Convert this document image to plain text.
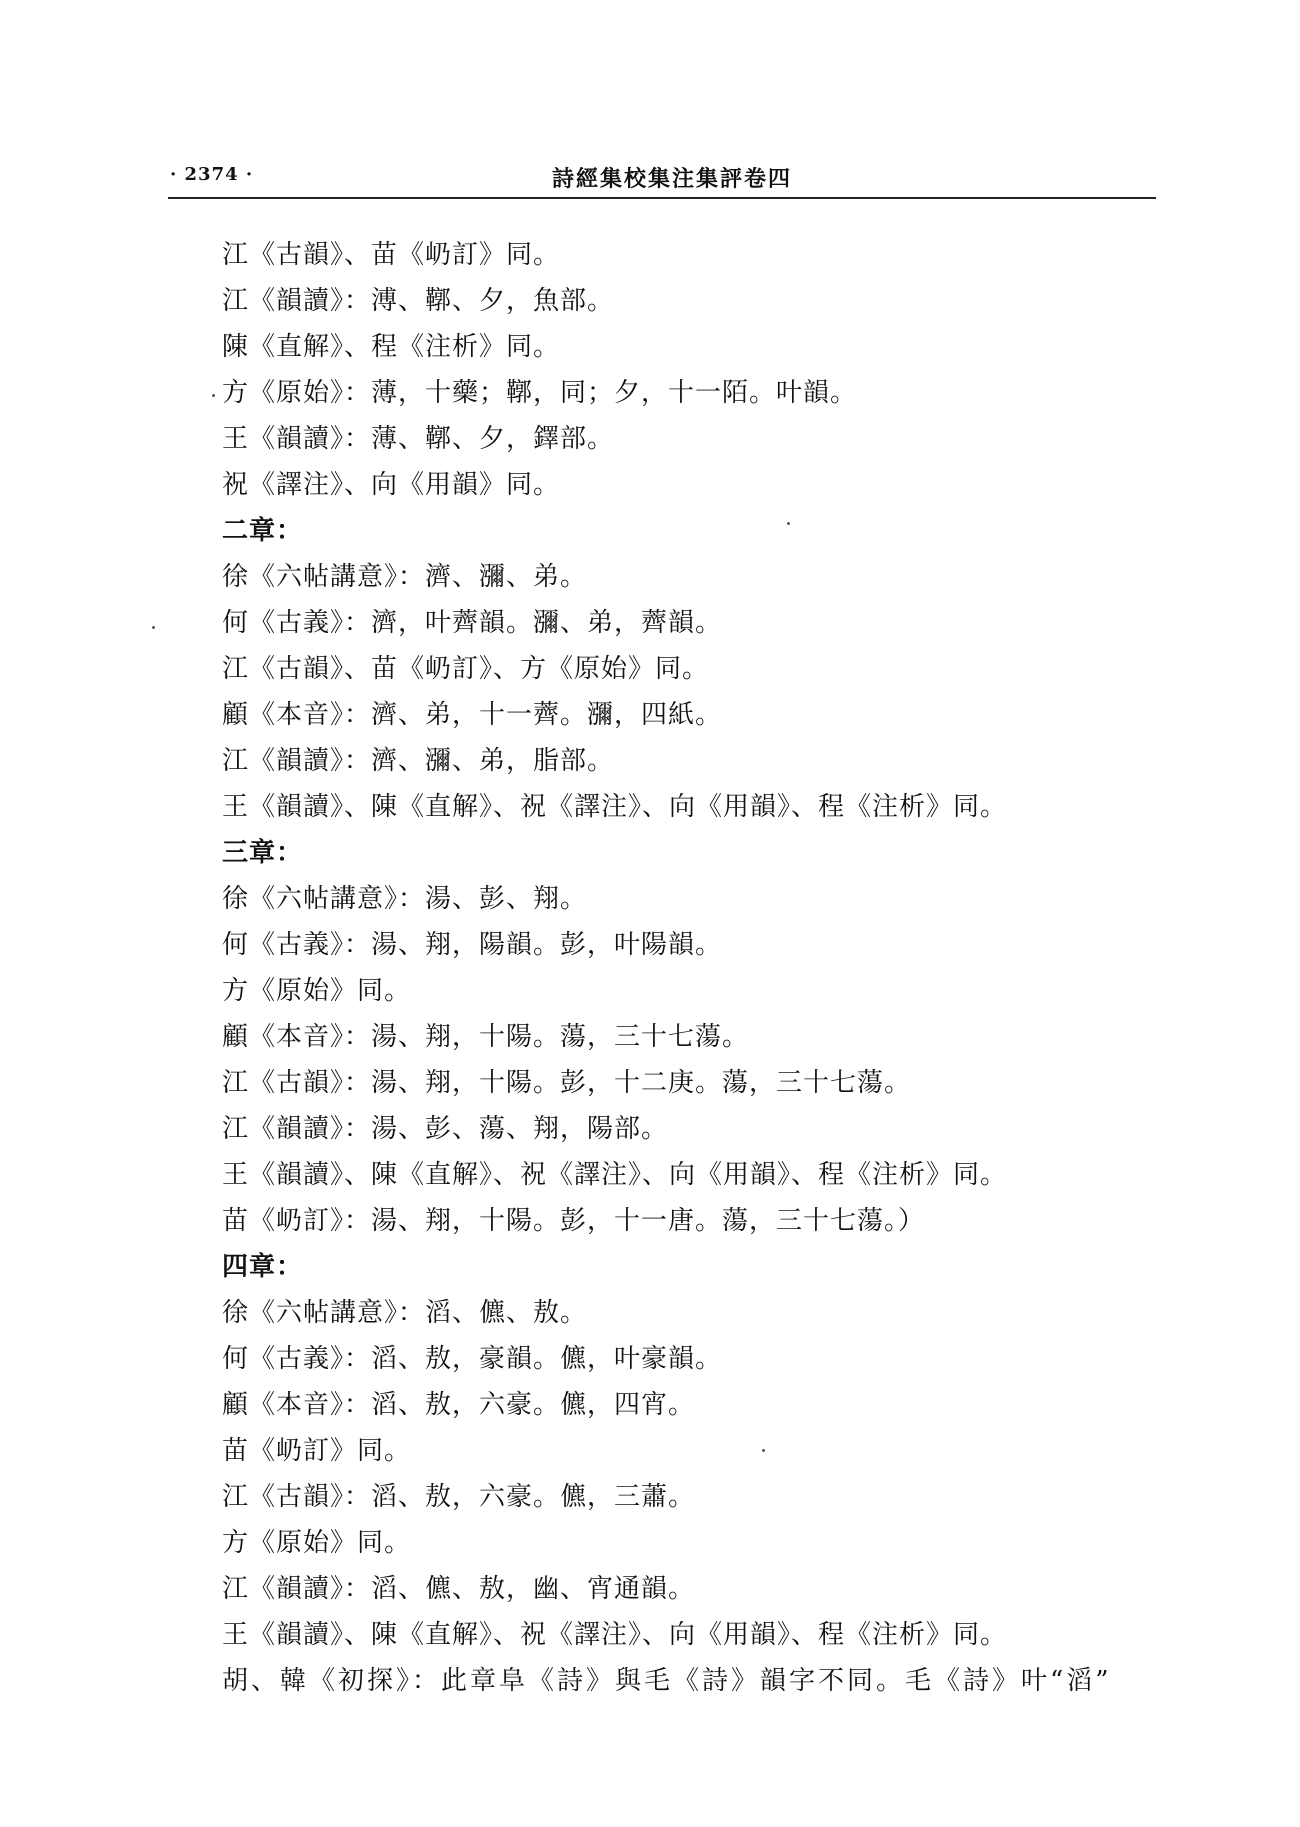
· 2374 ·	詩經集校集注集評卷四
江《古韻》、苗《屷訂》同。
江《韻讀》：溥、鞹、夕，魚部。
陳《直解》、程《注析》同。
方《原始》：薄，十藥；鞹，同；夕，十一陌。叶韻。
王《韻讀》：薄、鞹、夕，鐸部。
祝《譯注》、向《用韻》同。
二章：
徐《六帖講意》：濟、瀰、弟。
何《古義》：濟，叶薺韻。瀰、弟，薺韻。
江《古韻》、苗《屷訂》、方《原始》同。
顧《本音》：濟、弟，十一薺。瀰，四紙。
江《韻讀》：濟、瀰、弟，脂部。
王《韻讀》、陳《直解》、祝《譯注》、向《用韻》、程《注析》同。
三章：
徐《六帖講意》：湯、彭、翔。
何《古義》：湯、翔，陽韻。彭，叶陽韻。
方《原始》同。
顧《本音》：湯、翔，十陽。蕩，三十七蕩。
江《古韻》：湯、翔，十陽。彭，十二庚。蕩，三十七蕩。
江《韻讀》：湯、彭、蕩、翔，陽部。
王《韻讀》、陳《直解》、祝《譯注》、向《用韻》、程《注析》同。
苗《屷訂》：湯、翔，十陽。彭，十一唐。蕩，三十七蕩。）
四章：
徐《六帖講意》：滔、儦、敖。
何《古義》：滔、敖，豪韻。儦，叶豪韻。
顧《本音》：滔、敖，六豪。儦，四宵。
苗《屷訂》同。
江《古韻》：滔、敖，六豪。儦，三蕭。
方《原始》同。
江《韻讀》：滔、儦、敖，幽、宵通韻。
王《韻讀》、陳《直解》、祝《譯注》、向《用韻》、程《注析》同。
胡、韓《初探》：此章阜《詩》與毛《詩》韻字不同。毛《詩》叶“滔”
